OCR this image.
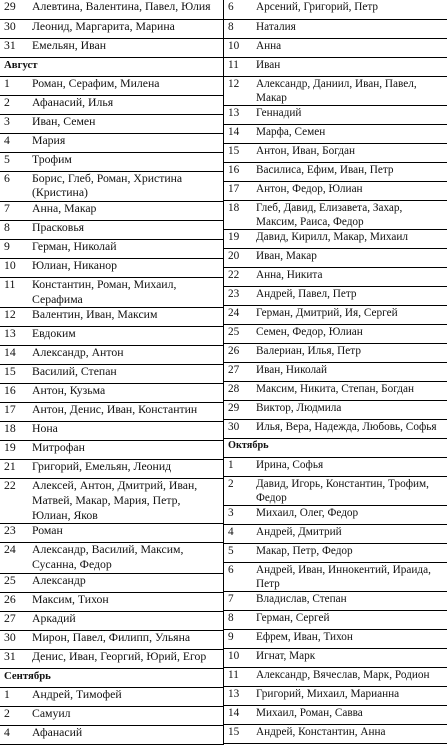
29	Алевтина, Валентина, Павел, Юлия
30	Леонид, Маргарита, Марина
31	Емельян, Иван
Август	
1	Роман, Серафим, Милена
2	Афанасий, Илья
3	Иван, Семен
4	Мария
5	Трофим
6	Борис, Глеб, Роман, Христина (Кристина)
7	Анна, Макар
8	Прасковья
9	Герман, Николай
10	Юлиан, Никанор
11	Константин, Роман, Михаил, Серафима
12	Валентин, Иван, Максим
13	Евдоким
14	Александр, Антон
15	Василий, Степан
16	Антон, Кузьма
17	Антон, Денис, Иван, Константин
18	Нона
19	Митрофан
21	Григорий, Емельян, Леонид
22	Алексей, Антон, Дмитрий, Иван, Матвей, Макар, Мария, Петр, Юлиан, Яков
23	Роман
24	Александр, Василий, Максим, Сусанна, Федор
25	Александр
26	Максим, Тихон
27	Аркадий
30	Мирон, Павел, Филипп, Ульяна
31	Денис, Иван, Георгий, Юрий, Егор
Сентябрь	
1	Андрей, Тимофей
2	Самуил
4	Афанасий
6	Арсений, Григорий, Петр
8	Наталия
10	Анна
11	Иван
12	Александр, Даниил, Иван, Павел, Макар
13	Геннадий
14	Марфа, Семен
15	Антон, Иван, Богдан
16	Василиса, Ефим, Иван, Петр
17	Антон, Федор, Юлиан
18	Глеб, Давид, Елизавета, Захар, Максим, Раиса, Федор
19	Давид, Кирилл, Макар, Михаил
20	Иван, Макар
22	Анна, Никита
23	Андрей, Павел, Петр
24	Герман, Дмитрий, Ия, Сергей
25	Семен, Федор, Юлиан
26	Валериан, Илья, Петр
27	Иван, Николай
28	Максим, Никита, Степан, Богдан
29	Виктор, Людмила
30	Илья, Вера, Надежда, Любовь, Софья
Октябрь	
1	Ирина, Софья
2	Давид, Игорь, Константин, Трофим, Федор
3	Михаил, Олег, Федор
4	Андрей, Дмитрий
5	Макар, Петр, Федор
6	Андрей, Иван, Иннокентий, Ираида, Петр
7	Владислав, Степан
8	Герман, Сергей
9	Ефрем, Иван, Тихон
10	Игнат, Марк
11	Александр, Вячеслав, Марк, Родион
13	Григорий, Михаил, Марианна
14	Михаил, Роман, Савва
15	Андрей, Константин, Анна
